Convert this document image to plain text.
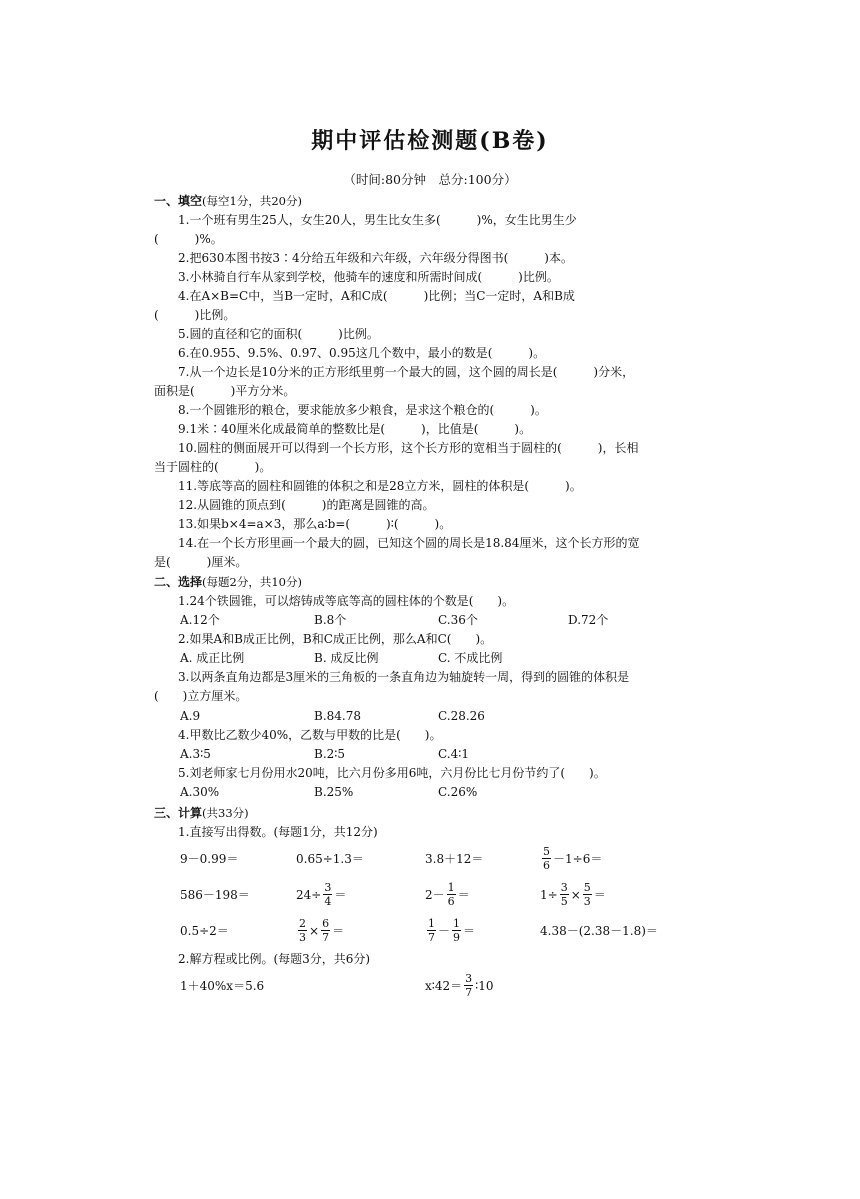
期中评估检测题(B卷)
（时间:80分钟　总分:100分）
一、填空(每空1分，共20分)
1.一个班有男生25人，女生20人，男生比女生多(　　　)%，女生比男生少
(　　　)%。
2.把630本图书按3∶4分给五年级和六年级，六年级分得图书(　　　)本。
3.小林骑自行车从家到学校，他骑车的速度和所需时间成(　　　)比例。
4.在A×B=C中，当B一定时，A和C成(　　　)比例；当C一定时，A和B成
(　　　)比例。
5.圆的直径和它的面积(　　　)比例。
6.在0.955、9.5%、0.97、0.95这几个数中，最小的数是(　　　)。
7.从一个边长是10分米的正方形纸里剪一个最大的圆，这个圆的周长是(　　　)分米，
面积是(　　　)平方分米。
8.一个圆锥形的粮仓，要求能放多少粮食，是求这个粮仓的(　　　)。
9.1米∶40厘米化成最简单的整数比是(　　　)，比值是(　　　)。
10.圆柱的侧面展开可以得到一个长方形，这个长方形的宽相当于圆柱的(　　　)，长相
当于圆柱的(　　　)。
11.等底等高的圆柱和圆锥的体积之和是28立方米，圆柱的体积是(　　　)。
12.从圆锥的顶点到(　　　)的距离是圆锥的高。
13.如果b×4=a×3，那么a∶b=(　　　)∶(　　　)。
14.在一个长方形里画一个最大的圆，已知这个圆的周长是18.84厘米，这个长方形的宽
是(　　　)厘米。
二、选择(每题2分，共10分)
1.24个铁圆锥，可以熔铸成等底等高的圆柱体的个数是(　　)。
A.12个	B.8个	C.36个	D.72个
2.如果A和B成正比例，B和C成正比例，那么A和C(　　)。
A. 成正比例	B. 成反比例	C. 不成比例
3.以两条直角边都是3厘米的三角板的一条直角边为轴旋转一周，得到的圆锥的体积是
(　　)立方厘米。
A.9	B.84.78	C.28.26
4.甲数比乙数少40%，乙数与甲数的比是(　　)。
A.3∶5	B.2∶5	C.4∶1
5.刘老师家七月份用水20吨，比六月份多用6吨，六月份比七月份节约了(　　)。
A.30%	B.25%	C.26%
三、计算(共33分)
1.直接写出得数。(每题1分，共12分)
9－0.99＝	0.65÷1.3＝	3.8＋12＝	$\frac{5}{6} -1\div 6=$
586－198＝	$24\div \frac{3}{4}$ ＝	$2- \frac{1}{6}$ ＝	$1\div \frac{3}{5} \times \frac{5}{3}$ ＝
0.5÷2＝	$\frac{2}{3} \times \frac{6}{7}$ ＝	$\frac{1}{7} - \frac{1}{9}$ ＝	4.38－(2.38－1.8)＝
2.解方程或比例。(每题3分，共6分)
1＋40%x＝5.6	x∶42＝ $\frac{3}{7}$ ∶10
